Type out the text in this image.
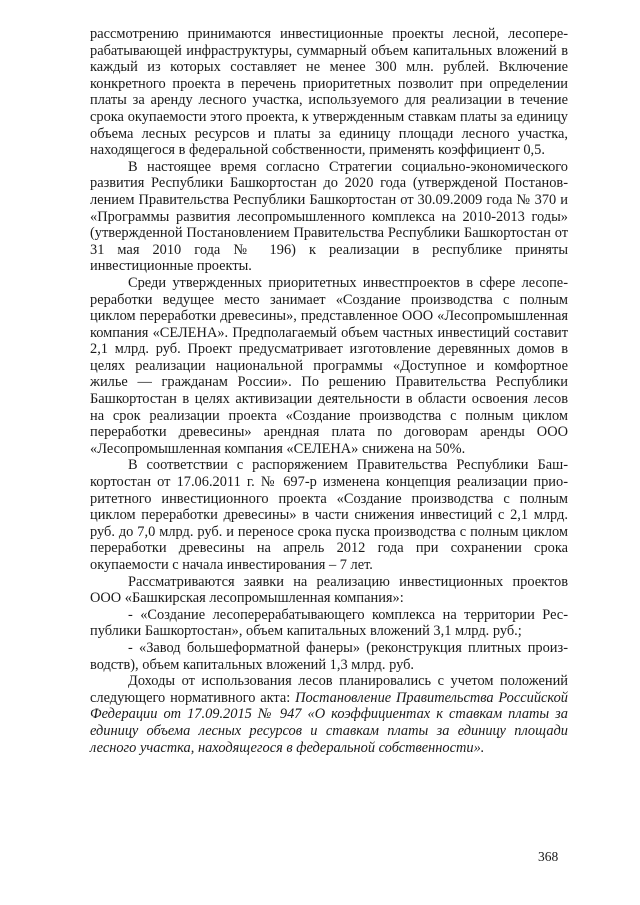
рассмотрению принимаются инвестиционные проекты лесной, лесоперерабатывающей инфраструктуры, суммарный объем капитальных вложений в каждый из которых составляет не менее 300 млн. рублей. Включение конкретного проекта в перечень приоритетных позволит при определении платы за аренду лесного участка, используемого для реализации в течение срока окупаемости этого проекта, к утвержденным ставкам платы за единицу объема лесных ресурсов и платы за единицу площади лесного участка, находящегося в федеральной собственности, применять коэффициент 0,5.

В настоящее время согласно Стратегии социально-экономического развития Республики Башкортостан до 2020 года (утвержденой Постановлением Правительства Республики Башкортостан от 30.09.2009 года № 370 и «Программы развития лесопромышленного комплекса на 2010-2013 годы» (утвержденной Постановлением Правительства Республики Башкортостан от 31 мая 2010 года № 196) к реализации в республике приняты инвестиционные проекты.

Среди утвержденных приоритетных инвестпроектов в сфере лесопереработки ведущее место занимает «Создание производства с полным циклом переработки древесины», представленное ООО «Лесопромышленная компания «СЕЛЕНА». Предполагаемый объем частных инвестиций составит 2,1 млрд. руб. Проект предусматривает изготовление деревянных домов в целях реализации национальной программы «Доступное и комфортное жилье — гражданам России». По решению Правительства Республики Башкортостан в целях активизации деятельности в области освоения лесов на срок реализации проекта «Создание производства с полным циклом переработки древесины» арендная плата по договорам аренды ООО «Лесопромышленная компания «СЕЛЕНА» снижена на 50%.

В соответствии с распоряжением Правительства Республики Башкортостан от 17.06.2011 г. № 697-р изменена концепция реализации приоритетного инвестиционного проекта «Создание производства с полным циклом переработки древесины» в части снижения инвестиций с 2,1 млрд. руб. до 7,0 млрд. руб. и переносе срока пуска производства с полным циклом переработки древесины на апрель 2012 года при сохранении срока окупаемости с начала инвестирования – 7 лет.

Рассматриваются заявки на реализацию инвестиционных проектов ООО «Башкирская лесопромышленная компания»:

- «Создание лесоперерабатывающего комплекса на территории Республики Башкортостан», объем капитальных вложений 3,1 млрд. руб.;

- «Завод большеформатной фанеры» (реконструкция плитных производств), объем капитальных вложений 1,3 млрд. руб.

Доходы от использования лесов планировались с учетом положений следующего нормативного акта: Постановление Правительства Российской Федерации от 17.09.2015 № 947 «О коэффициентах к ставкам платы за единицу объема лесных ресурсов и ставкам платы за единицу площади лесного участка, находящегося в федеральной собственности».

368
